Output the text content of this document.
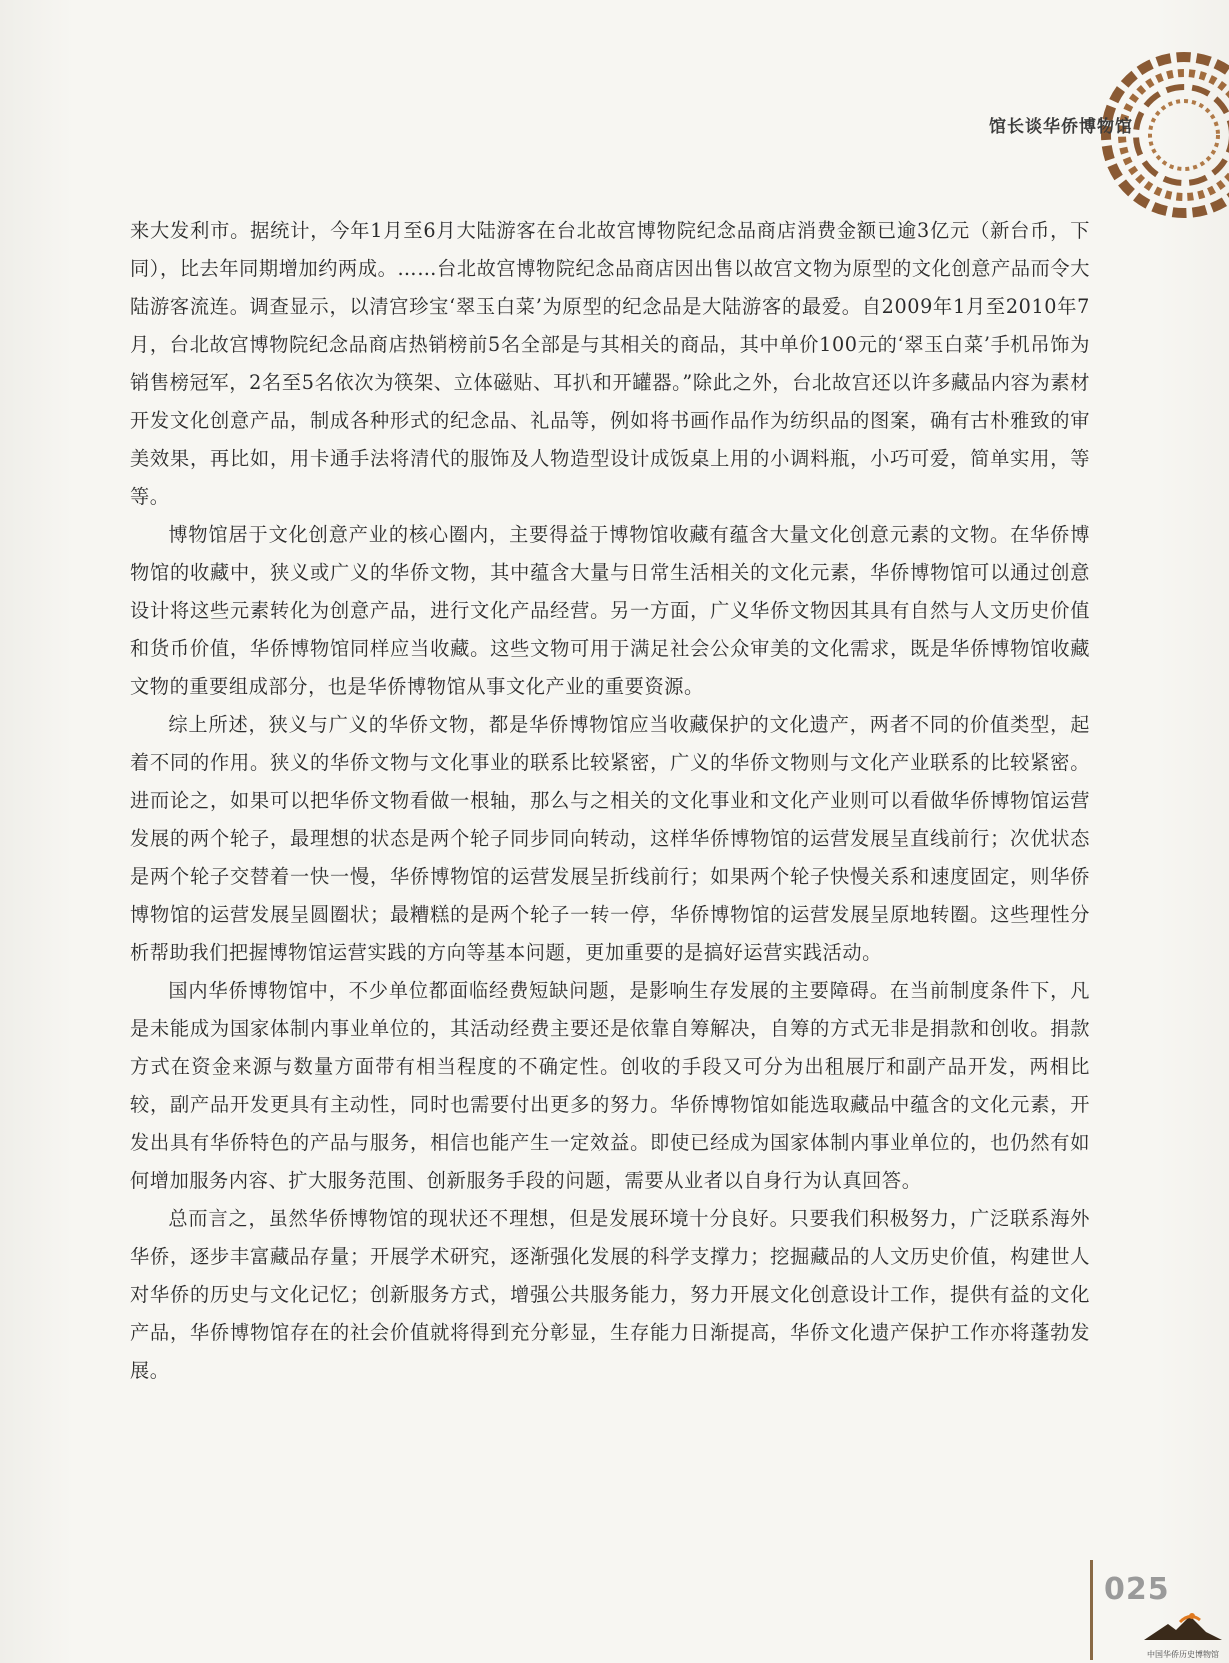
馆长谈华侨博物馆

来大发利市。据统计，今年1月至6月大陆游客在台北故宫博物院纪念品商店消费金额已逾3亿元（新台币，下同），比去年同期增加约两成。……台北故宫博物院纪念品商店因出售以故宫文物为原型的文化创意产品而令大陆游客流连。调查显示，以清宫珍宝‘翠玉白菜’为原型的纪念品是大陆游客的最爱。自2009年1月至2010年7月，台北故宫博物院纪念品商店热销榜前5名全部是与其相关的商品，其中单价100元的‘翠玉白菜’手机吊饰为销售榜冠军，2名至5名依次为筷架、立体磁贴、耳扒和开罐器。”除此之外，台北故宫还以许多藏品内容为素材开发文化创意产品，制成各种形式的纪念品、礼品等，例如将书画作品作为纺织品的图案，确有古朴雅致的审美效果，再比如，用卡通手法将清代的服饰及人物造型设计成饭桌上用的小调料瓶，小巧可爱，简单实用，等等。

博物馆居于文化创意产业的核心圈内，主要得益于博物馆收藏有蕴含大量文化创意元素的文物。在华侨博物馆的收藏中，狭义或广义的华侨文物，其中蕴含大量与日常生活相关的文化元素，华侨博物馆可以通过创意设计将这些元素转化为创意产品，进行文化产品经营。另一方面，广义华侨文物因其具有自然与人文历史价值和货币价值，华侨博物馆同样应当收藏。这些文物可用于满足社会公众审美的文化需求，既是华侨博物馆收藏文物的重要组成部分，也是华侨博物馆从事文化产业的重要资源。

综上所述，狭义与广义的华侨文物，都是华侨博物馆应当收藏保护的文化遗产，两者不同的价值类型，起着不同的作用。狭义的华侨文物与文化事业的联系比较紧密，广义的华侨文物则与文化产业联系的比较紧密。进而论之，如果可以把华侨文物看做一根轴，那么与之相关的文化事业和文化产业则可以看做华侨博物馆运营发展的两个轮子，最理想的状态是两个轮子同步同向转动，这样华侨博物馆的运营发展呈直线前行；次优状态是两个轮子交替着一快一慢，华侨博物馆的运营发展呈折线前行；如果两个轮子快慢关系和速度固定，则华侨博物馆的运营发展呈圆圈状；最糟糕的是两个轮子一转一停，华侨博物馆的运营发展呈原地转圈。这些理性分析帮助我们把握博物馆运营实践的方向等基本问题，更加重要的是搞好运营实践活动。

国内华侨博物馆中，不少单位都面临经费短缺问题，是影响生存发展的主要障碍。在当前制度条件下，凡是未能成为国家体制内事业单位的，其活动经费主要还是依靠自筹解决，自筹的方式无非是捐款和创收。捐款方式在资金来源与数量方面带有相当程度的不确定性。创收的手段又可分为出租展厅和副产品开发，两相比较，副产品开发更具有主动性，同时也需要付出更多的努力。华侨博物馆如能选取藏品中蕴含的文化元素，开发出具有华侨特色的产品与服务，相信也能产生一定效益。即使已经成为国家体制内事业单位的，也仍然有如何增加服务内容、扩大服务范围、创新服务手段的问题，需要从业者以自身行为认真回答。

总而言之，虽然华侨博物馆的现状还不理想，但是发展环境十分良好。只要我们积极努力，广泛联系海外华侨，逐步丰富藏品存量；开展学术研究，逐渐强化发展的科学支撑力；挖掘藏品的人文历史价值，构建世人对华侨的历史与文化记忆；创新服务方式，增强公共服务能力，努力开展文化创意设计工作，提供有益的文化产品，华侨博物馆存在的社会价值就将得到充分彰显，生存能力日渐提高，华侨文化遗产保护工作亦将蓬勃发展。

025
中国华侨历史博物馆
